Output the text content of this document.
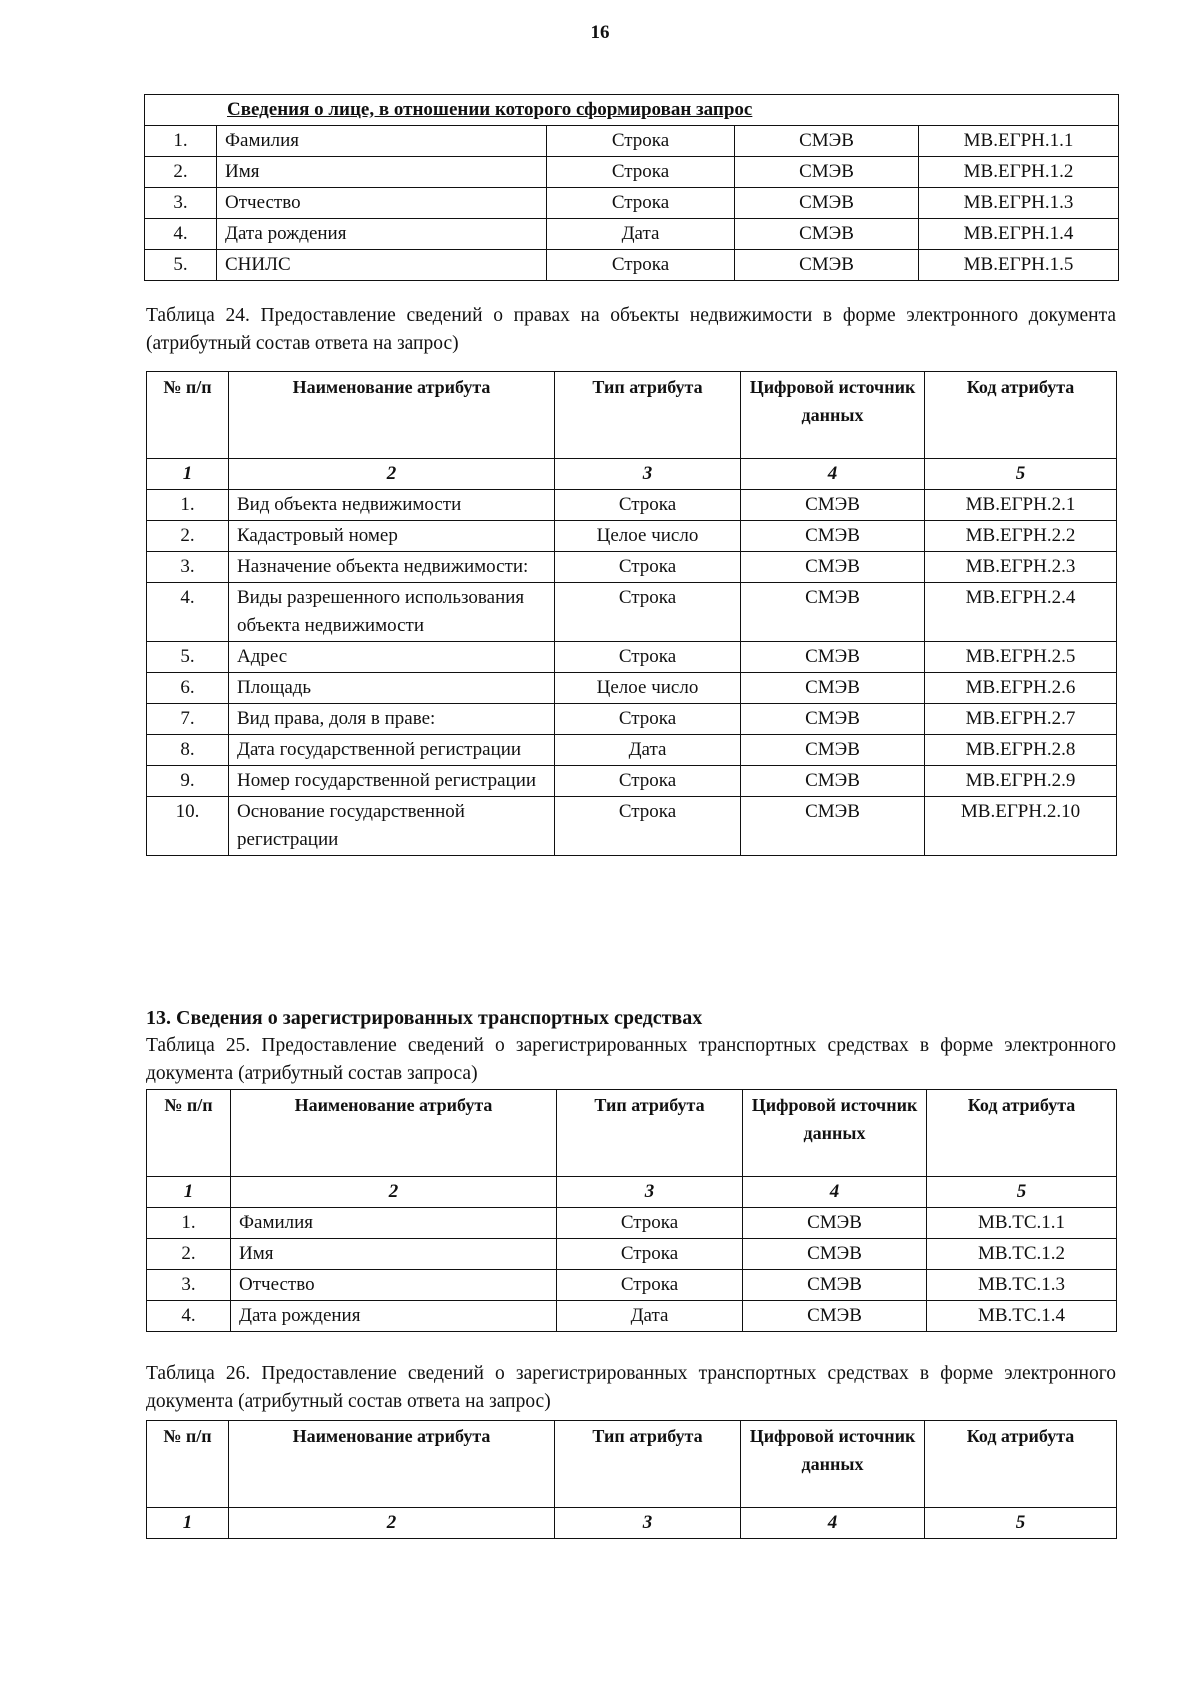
16
Сведения о лице, в отношении которого сформирован запрос				
1.	Фамилия	Строка	СМЭВ	МВ.ЕГРН.1.1
2.	Имя	Строка	СМЭВ	МВ.ЕГРН.1.2
3.	Отчество	Строка	СМЭВ	МВ.ЕГРН.1.3
4.	Дата рождения	Дата	СМЭВ	МВ.ЕГРН.1.4
5.	СНИЛС	Строка	СМЭВ	МВ.ЕГРН.1.5
Таблица 24. Предоставление сведений о правах на объекты недвижимости в форме электронного документа (атрибутный состав ответа на запрос)
№ п/п	Наименование атрибута	Тип атрибута	Цифровой источник данных	Код атрибута
1	2	3	4	5
1.	Вид объекта недвижимости	Строка	СМЭВ	МВ.ЕГРН.2.1
2.	Кадастровый номер	Целое число	СМЭВ	МВ.ЕГРН.2.2
3.	Назначение объекта недвижимости:	Строка	СМЭВ	МВ.ЕГРН.2.3
4.	Виды разрешенного использования объекта недвижимости	Строка	СМЭВ	МВ.ЕГРН.2.4
5.	Адрес	Строка	СМЭВ	МВ.ЕГРН.2.5
6.	Площадь	Целое число	СМЭВ	МВ.ЕГРН.2.6
7.	Вид права, доля в праве:	Строка	СМЭВ	МВ.ЕГРН.2.7
8.	Дата государственной регистрации	Дата	СМЭВ	МВ.ЕГРН.2.8
9.	Номер государственной регистрации	Строка	СМЭВ	МВ.ЕГРН.2.9
10.	Основание государственной регистрации	Строка	СМЭВ	МВ.ЕГРН.2.10
13. Сведения о зарегистрированных транспортных средствах
Таблица 25. Предоставление сведений о зарегистрированных транспортных средствах в форме электронного документа (атрибутный состав запроса)
№ п/п	Наименование атрибута	Тип атрибута	Цифровой источник данных	Код атрибута
1	2	3	4	5
1.	Фамилия	Строка	СМЭВ	МВ.ТС.1.1
2.	Имя	Строка	СМЭВ	МВ.ТС.1.2
3.	Отчество	Строка	СМЭВ	МВ.ТС.1.3
4.	Дата рождения	Дата	СМЭВ	МВ.ТС.1.4
Таблица 26. Предоставление сведений о зарегистрированных транспортных средствах в форме электронного документа (атрибутный состав ответа на запрос)
№ п/п	Наименование атрибута	Тип атрибута	Цифровой источник данных	Код атрибута
1	2	3	4	5
